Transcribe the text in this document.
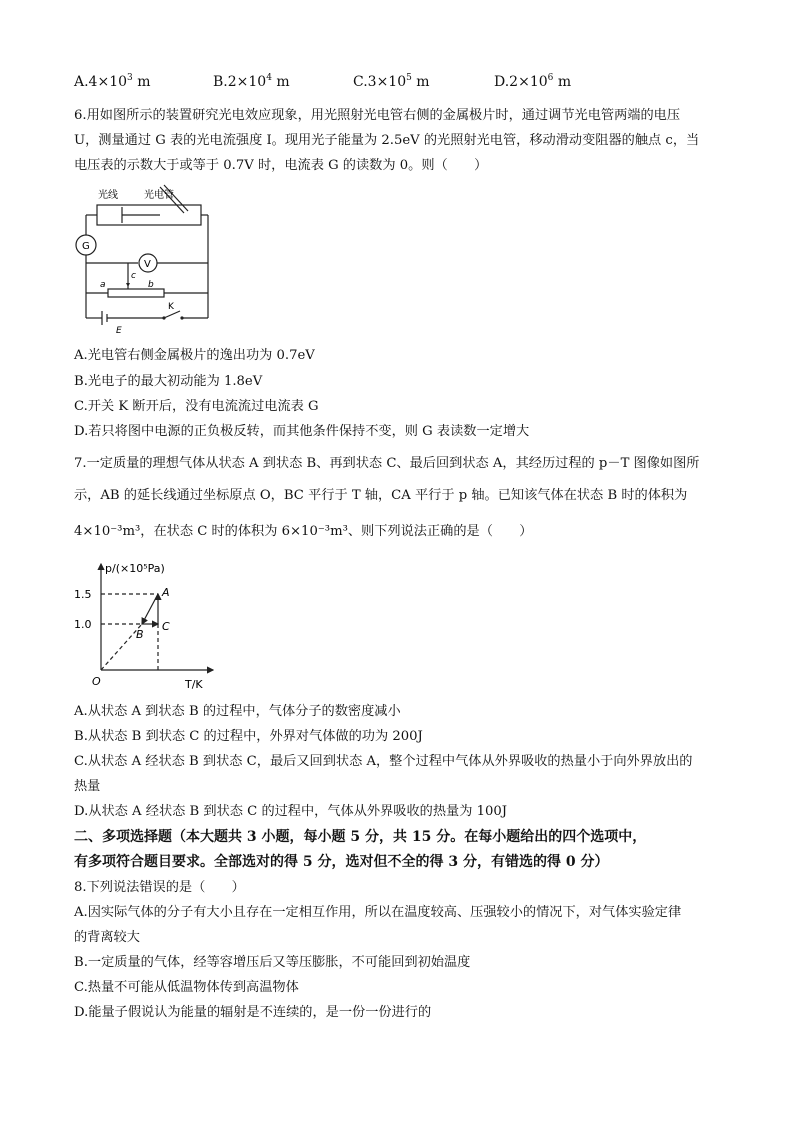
$A.4\times 10^3$ m	$B.2\times 10^4$ m	$C.3\times 10^5$ m	$D.2\times 10^6$ m
6.用如图所示的装置研究光电效应现象，用光照射光电管右侧的金属极片时，通过调节光电管两端的电压
U，测量通过 G 表的光电流强度 I。现用光子能量为 2.5eV 的光照射光电管，移动滑动变阻器的触点 c，当
电压表的示数大于或等于 0.7V 时，电流表 G 的读数为 0。则（　　）
光线	光电管
G
V
a	b
c
K
E
A.光电管右侧金属极片的逸出功为 0.7eV
B.光电子的最大初动能为 1.8eV
C.开关 K 断开后，没有电流流过电流表 G
D.若只将图中电源的正负极反转，而其他条件保持不变，则 G 表读数一定增大
7.一定质量的理想气体从状态 A 到状态 B、再到状态 C、最后回到状态 A，其经历过程的 p－T 图像如图所
示，AB 的延长线通过坐标原点 O，BC 平行于 T 轴，CA 平行于 p 轴。已知该气体在状态 B 时的体积为
4×10⁻³m³，在状态 C 时的体积为 6×10⁻³m³、则下列说法正确的是（　　）
p/(×10⁵Pa)
1.5
1.0
O	T/K
A
B
C
A.从状态 A 到状态 B 的过程中，气体分子的数密度减小
B.从状态 B 到状态 C 的过程中，外界对气体做的功为 200J
C.从状态 A 经状态 B 到状态 C，最后又回到状态 A，整个过程中气体从外界吸收的热量小于向外界放出的
热量
D.从状态 A 经状态 B 到状态 C 的过程中，气体从外界吸收的热量为 100J
二、多项选择题（本大题共 3 小题，每小题 5 分，共 15 分。在每小题给出的四个选项中，
有多项符合题目要求。全部选对的得 5 分，选对但不全的得 3 分，有错选的得 0 分）
8.下列说法错误的是（　　）
A.因实际气体的分子有大小且存在一定相互作用，所以在温度较高、压强较小的情况下，对气体实验定律
的背离较大
B.一定质量的气体，经等容增压后又等压膨胀，不可能回到初始温度
C.热量不可能从低温物体传到高温物体
D.能量子假说认为能量的辐射是不连续的，是一份一份进行的
